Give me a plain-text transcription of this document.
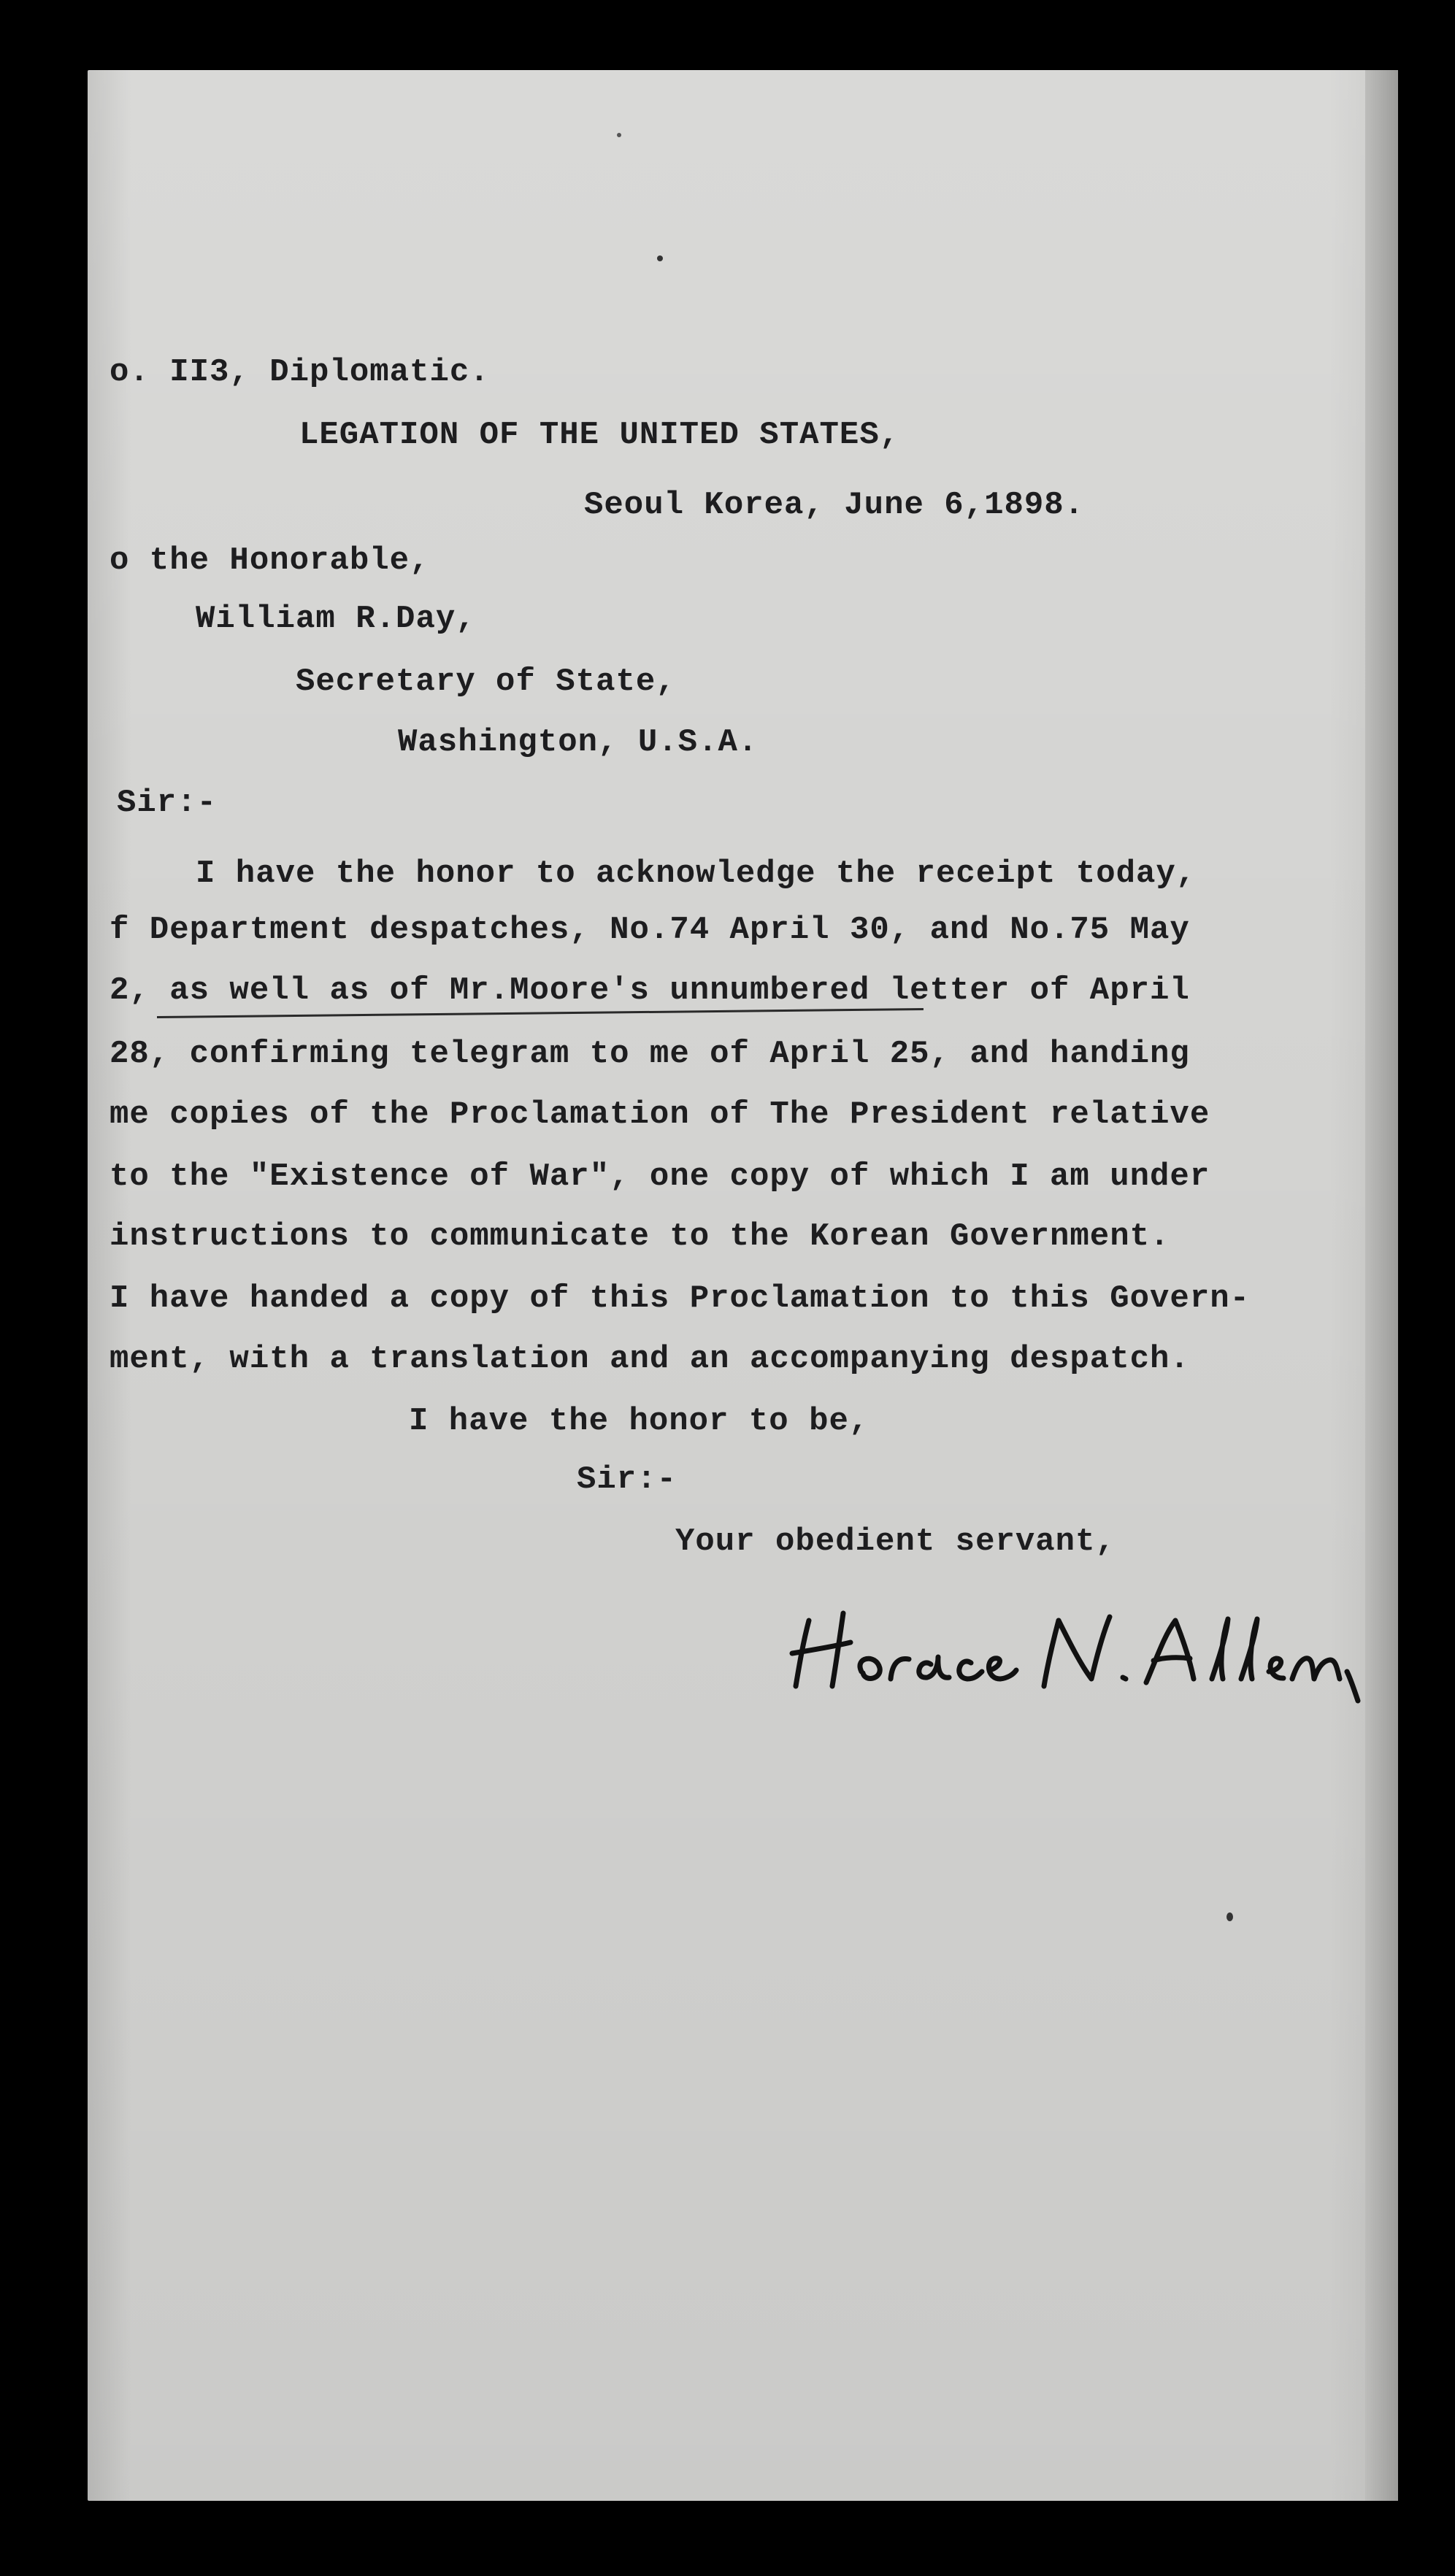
o. II3, Diplomatic.
LEGATION OF THE UNITED STATES,
Seoul Korea, June 6,1898.
o the Honorable,
William R.Day,
Secretary of State,
Washington, U.S.A.
Sir:-
I have the honor to acknowledge the receipt today,
f Department despatches, No.74 April 30, and No.75 May
2, as well as of Mr.Moore's unnumbered letter of April
28, confirming telegram to me of April 25, and handing
me copies of the Proclamation of The President relative
to the "Existence of War", one copy of which I am under
instructions to communicate to the Korean Government.
I have handed a copy of this Proclamation to this Govern-
ment, with a translation and an accompanying despatch.
I have the honor to be,
Sir:-
Your obedient servant,
